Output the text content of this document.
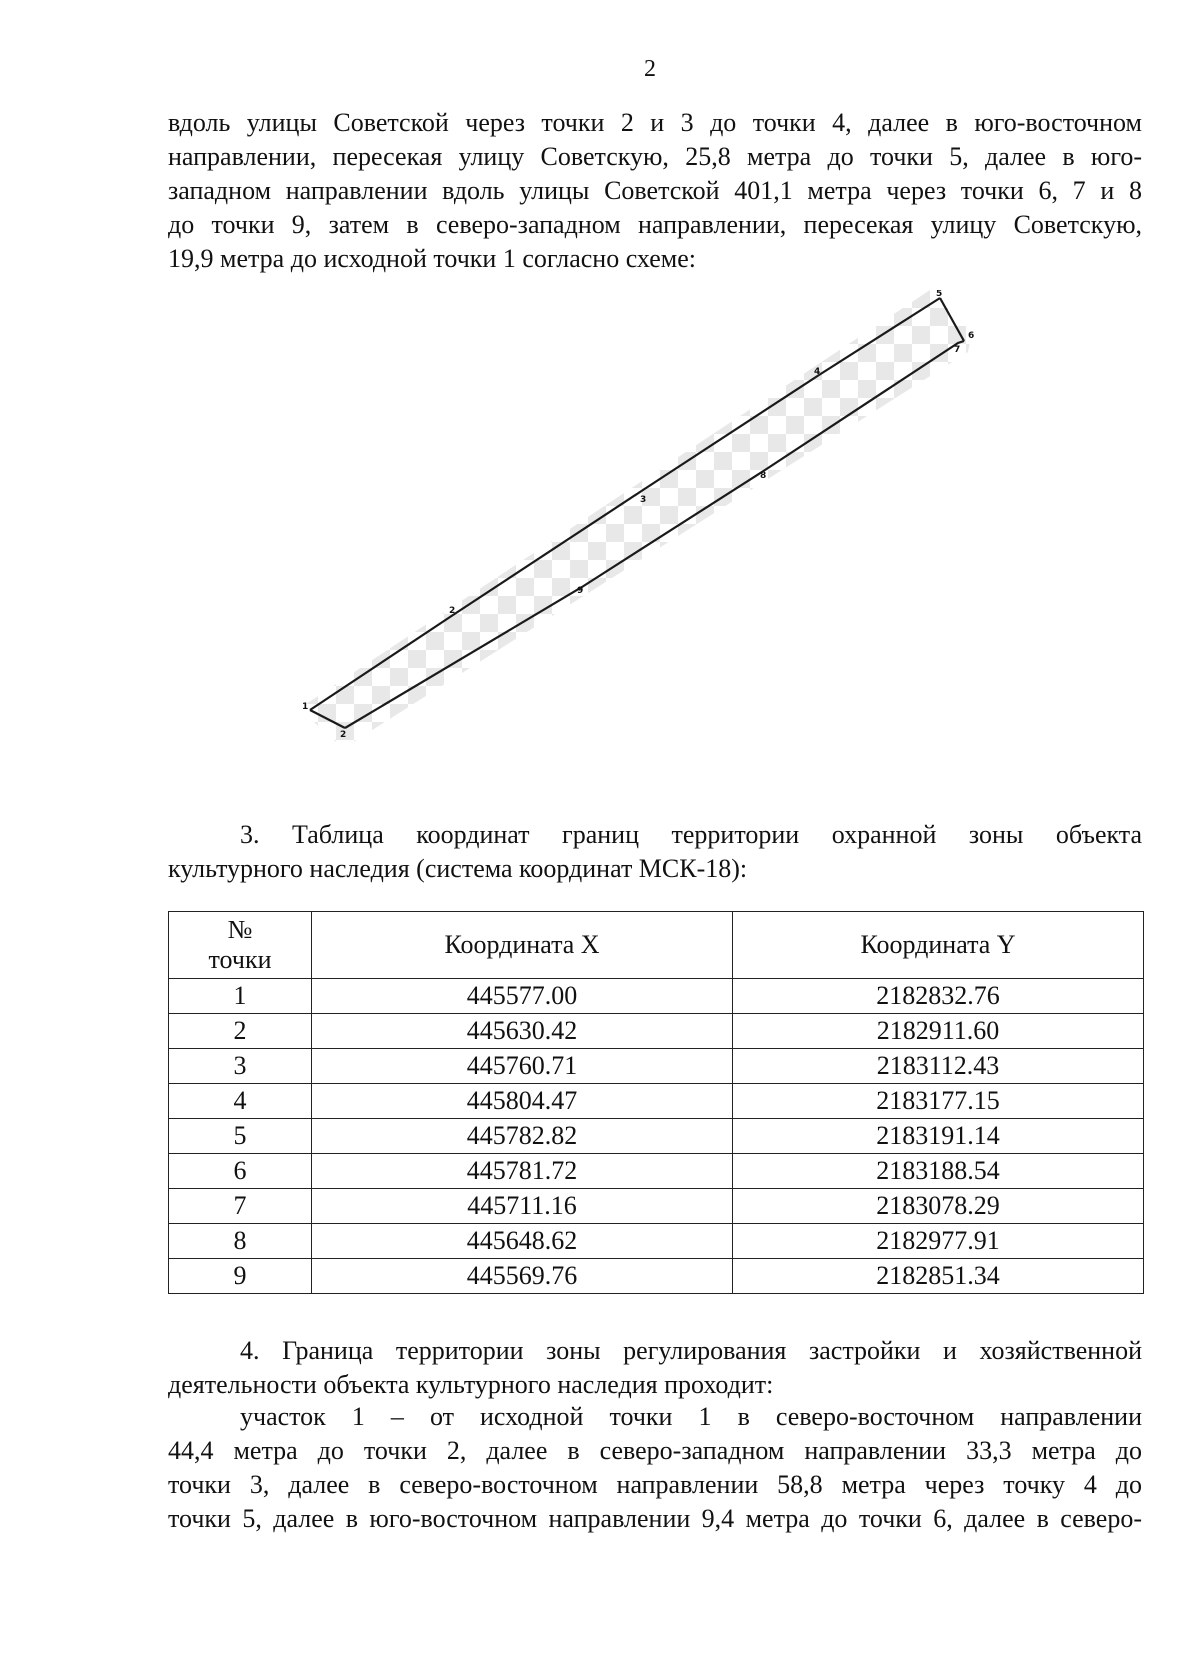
2

вдоль улицы Советской через точки 2 и 3 до точки 4, далее в юго-восточном
направлении, пересекая улицу Советскую, 25,8 метра до точки 5, далее в юго-
западном направлении вдоль улицы Советской 401,1 метра через точки 6, 7 и 8
до точки 9, затем в северо-западном направлении, пересекая улицу Советскую,
19,9 метра до исходной точки 1 согласно схеме:

1
2
3
4
5
6
7
8
9
2

3. Таблица координат границ территории охранной зоны объекта
культурного наследия (система координат МСК-18):

№
точки	Координата X	Координата Y
1	445577.00	2182832.76
2	445630.42	2182911.60
3	445760.71	2183112.43
4	445804.47	2183177.15
5	445782.82	2183191.14
6	445781.72	2183188.54
7	445711.16	2183078.29
8	445648.62	2182977.91
9	445569.76	2182851.34

4. Граница территории зоны регулирования застройки и хозяйственной
деятельности объекта культурного наследия проходит:

участок 1 – от исходной точки 1 в северо-восточном направлении
44,4 метра до точки 2, далее в северо-западном направлении 33,3 метра до
точки 3, далее в северо-восточном направлении 58,8 метра через точку 4 до
точки 5, далее в юго-восточном направлении 9,4 метра до точки 6, далее в северо-
